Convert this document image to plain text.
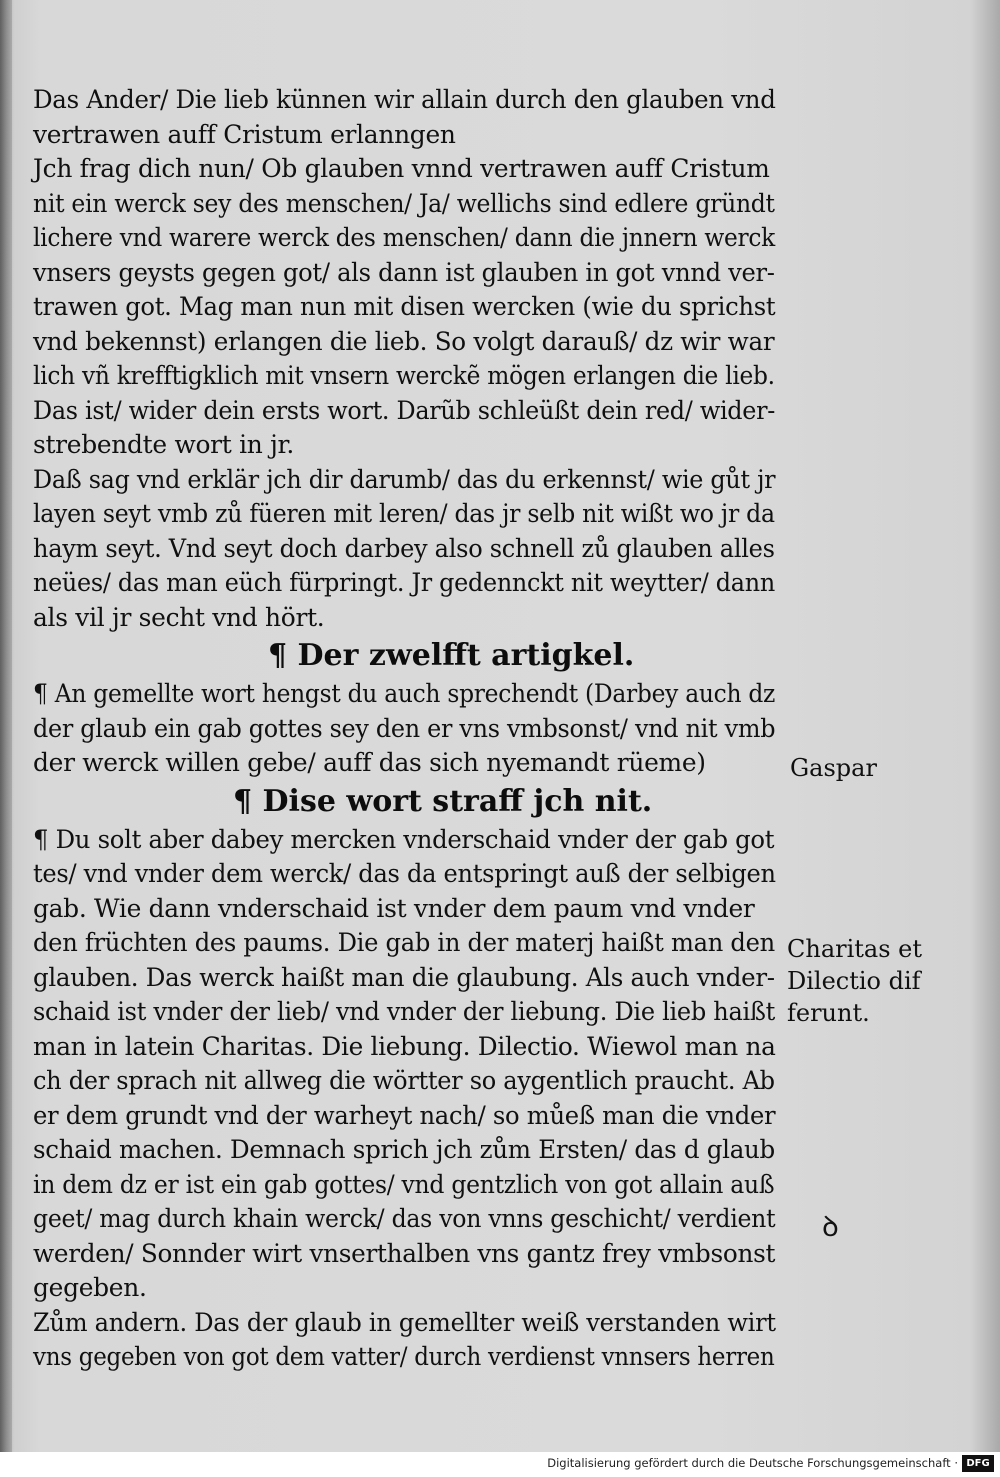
Das Ander/ Die lieb künnen wir allain durch den glauben vnd
vertrawen auff Cristum erlanngen
Jch frag dich nun/ Ob glauben vnnd vertrawen auff Cristum
nit ein werck sey des menschen/ Ja/ wellichs sind edlere gründt
lichere vnd warere werck des menschen/ dann die jnnern werck
vnsers geysts gegen got/ als dann ist glauben in got vnnd ver-
trawen got. Mag man nun mit disen wercken (wie du sprichst
vnd bekennst) erlangen die lieb. So volgt darauß/ dz wir war
lich vñ krefftigklich mit vnsern werckẽ mögen erlangen die lieb.
Das ist/ wider dein ersts wort. Darũb schleüßt dein red/ wider-
strebendte wort in jr.
Daß sag vnd erklär jch dir darumb/ das du erkennst/ wie gůt jr
layen seyt vmb zů füeren mit leren/ das jr selb nit wißt wo jr da
haym seyt. Vnd seyt doch darbey also schnell zů glauben alles
neües/ das man eüch fürpringt. Jr gedennckt nit weytter/ dann
als vil jr secht vnd hört.
¶ Der zwelfft artigkel.
¶ An gemellte wort hengst du auch sprechendt (Darbey auch dz
der glaub ein gab gottes sey den er vns vmbsonst/ vnd nit vmb
der werck willen gebe/ auff das sich nyemandt rüeme)
¶ Dise wort straff jch nit.
¶ Du solt aber dabey mercken vnderschaid vnder der gab got
tes/ vnd vnder dem werck/ das da entspringt auß der selbigen
gab. Wie dann vnderschaid ist vnder dem paum vnd vnder
den früchten des paums. Die gab in der materj haißt man den
glauben. Das werck haißt man die glaubung. Als auch vnder-
schaid ist vnder der lieb/ vnd vnder der liebung. Die lieb haißt
man in latein Charitas. Die liebung. Dilectio. Wiewol man na
ch der sprach nit allweg die wörtter so aygentlich praucht. Ab
er dem grundt vnd der warheyt nach/ so můeß man die vnder
schaid machen. Demnach sprich jch zům Ersten/ das d glaub
in dem dz er ist ein gab gottes/ vnd gentzlich von got allain auß
geet/ mag durch khain werck/ das von vnns geschicht/ verdient
werden/ Sonnder wirt vnserthalben vns gantz frey vmbsonst
gegeben.
Zům andern. Das der glaub in gemellter weiß verstanden wirt
vns gegeben von got dem vatter/ durch verdienst vnnsers herren
Gaspar
Charitas et
Dilectio dif
ferunt.
ꝺ
Digitalisierung gefördert durch die Deutsche Forschungsgemeinschaft · DFG
